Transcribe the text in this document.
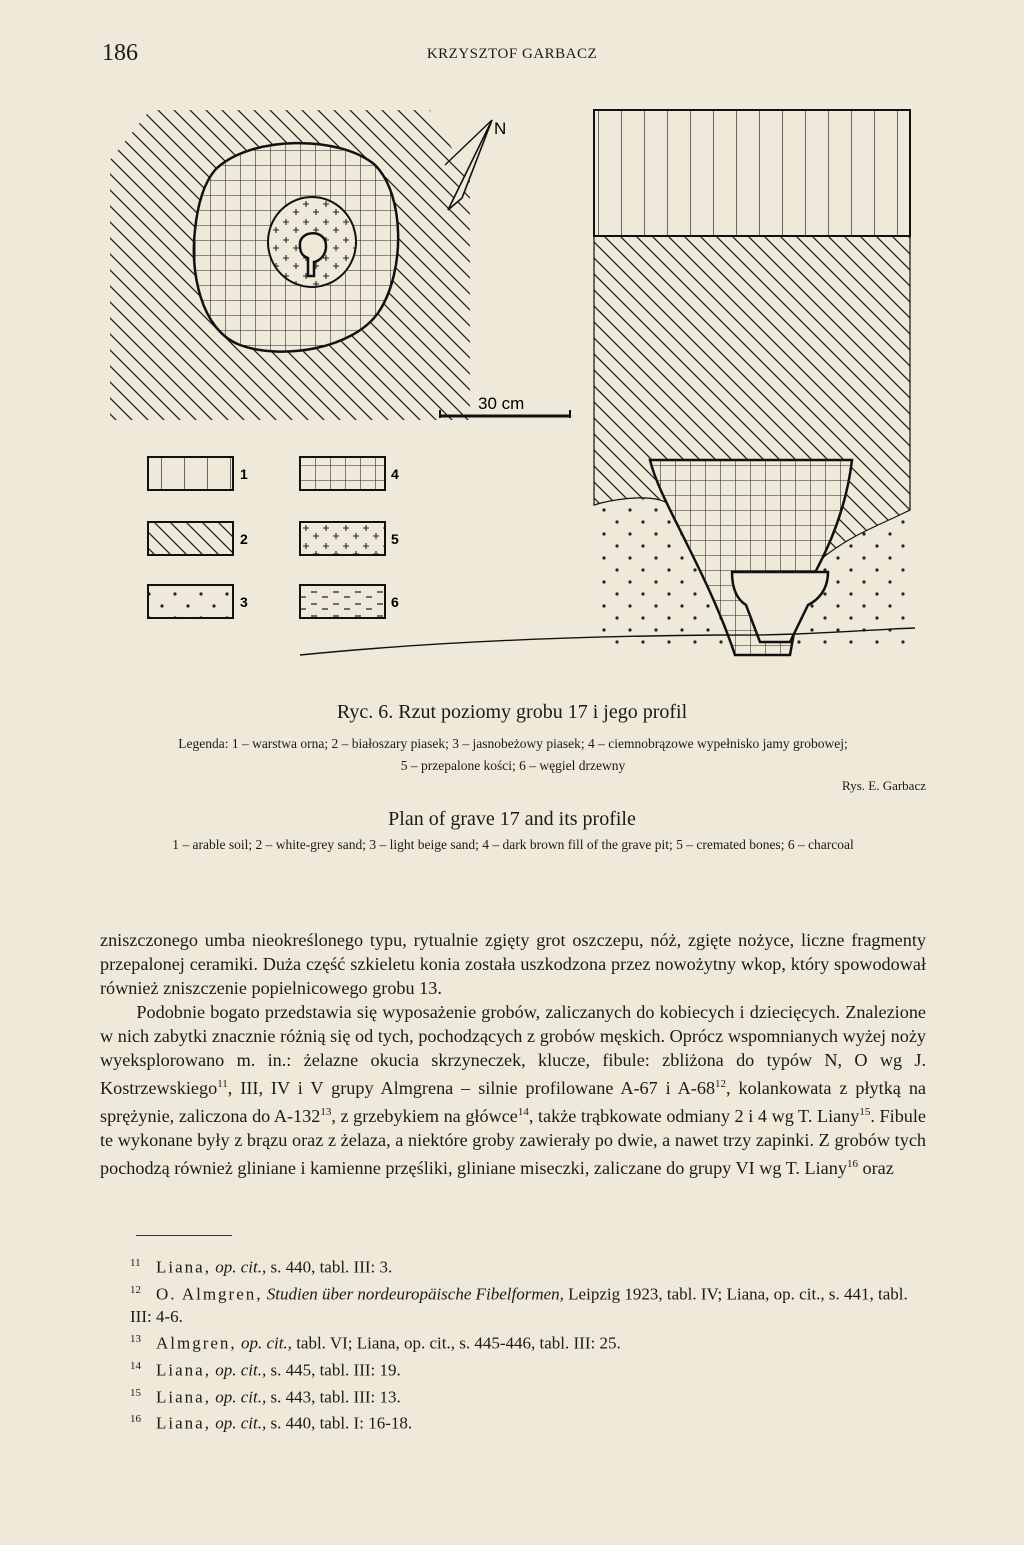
186	KRZYSZTOF GARBACZ
1
2
3
4
5
6
30 cm
N
Ryc. 6. Rzut poziomy grobu 17 i jego profil
Legenda: 1 – warstwa orna; 2 – białoszary piasek; 3 – jasnobeżowy piasek; 4 – ciemnobrązowe wypełnisko jamy grobowej;
5 – przepalone kości; 6 – węgiel drzewny
Rys. E. Garbacz
Plan of grave 17 and its profile
1 – arable soil; 2 – white-grey sand; 3 – light beige sand; 4 – dark brown fill of the grave pit; 5 – cremated bones; 6 – charcoal

zniszczonego umba nieokreślonego typu, rytualnie zgięty grot oszczepu, nóż, zgięte nożyce, liczne fragmenty przepalonej ceramiki. Duża część szkieletu konia została uszkodzona przez nowożytny wkop, który spowodował również zniszczenie popielnicowego grobu 13.

Podobnie bogato przedstawia się wyposażenie grobów, zaliczanych do kobiecych i dziecięcych. Znalezione w nich zabytki znacznie różnią się od tych, pochodzących z grobów męskich. Oprócz wspomnianych wyżej noży wyeksplorowano m. in.: żelazne okucia skrzyneczek, klucze, fibule: zbliżona do typów N, O wg J. Kostrzewskiego$^{11}$, III, IV i V grupy Almgrena – silnie profilowane A-67 i $A-68^{12}$, kolankowata z płytką na sprężynie, zaliczona do $A-132^{13}$, z grzebykiem na główce$^{14}$, także trąbkowate odmiany 2 i 4 wg T. Liany$^{15}$. Fibule te wykonane były z brązu oraz z żelaza, a niektóre groby zawierały po dwie, a nawet trzy zapinki. Z grobów tych pochodzą również gliniane i kamienne przęśliki, gliniane miseczki, zaliczane do grupy VI wg T. Liany$^{16}$ oraz

$^{11}$ Liana, op. cit., s. 440, tabl. III: 3.

$^{12}$ O. Almgren, Studien über nordeuropäische Fibelformen, Leipzig 1923, tabl. IV; Liana, op. cit., s. 441, tabl. III: 4-6.

$^{13}$ Almgren, op. cit., tabl. VI; Liana, op. cit., s. 445-446, tabl. III: 25.

$^{14}$ Liana, op. cit., s. 445, tabl. III: 19.

$^{15}$ Liana, op. cit., s. 443, tabl. III: 13.

$^{16}$ Liana, op. cit., s. 440, tabl. I: 16-18.
